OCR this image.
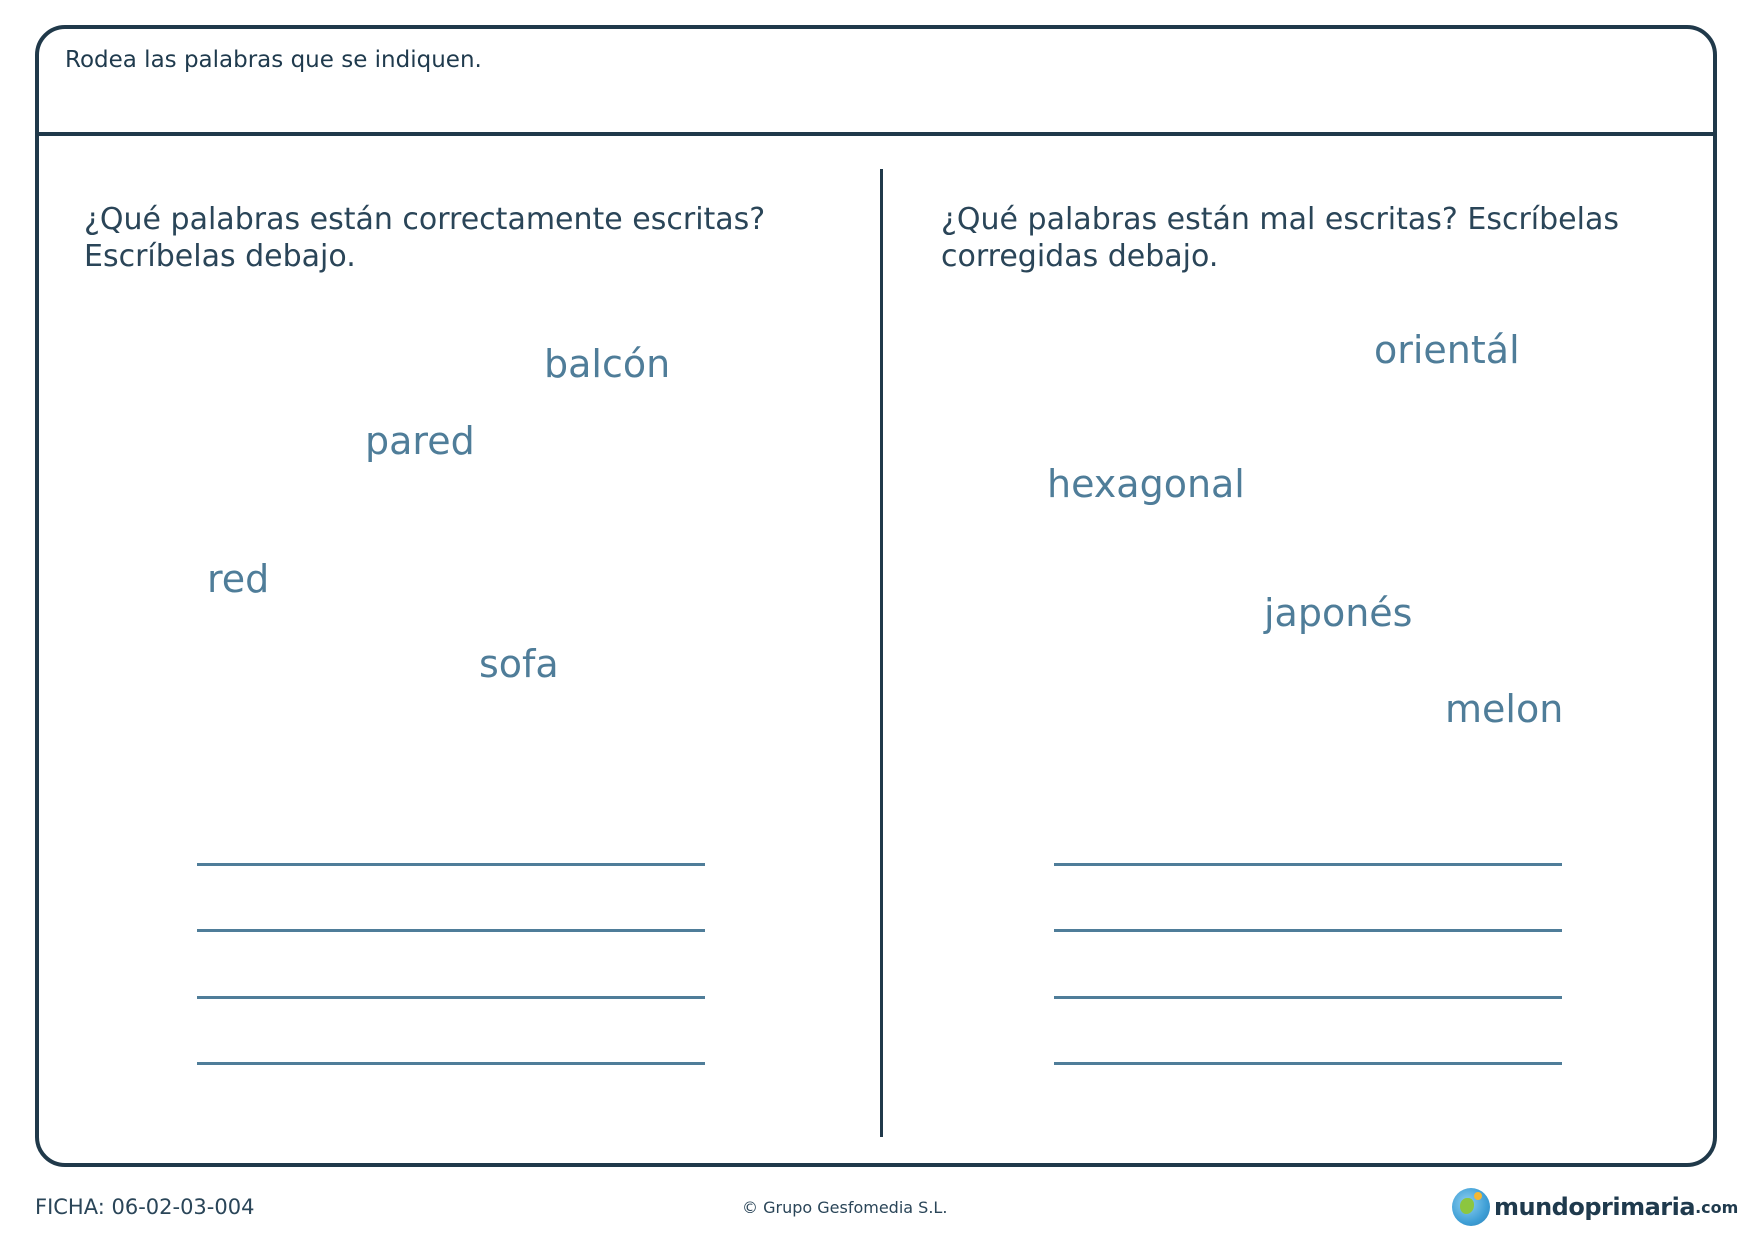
Rodea las palabras que se indiquen.
¿Qué palabras están correctamente escritas? Escríbelas debajo.
balcón
pared
red
sofa
¿Qué palabras están mal escritas? Escríbelas corregidas debajo.
orientál
hexagonal
japonés
melon
FICHA: 06-02-03-004	© Grupo Gesfomedia S.L.	mundoprimaria .com
